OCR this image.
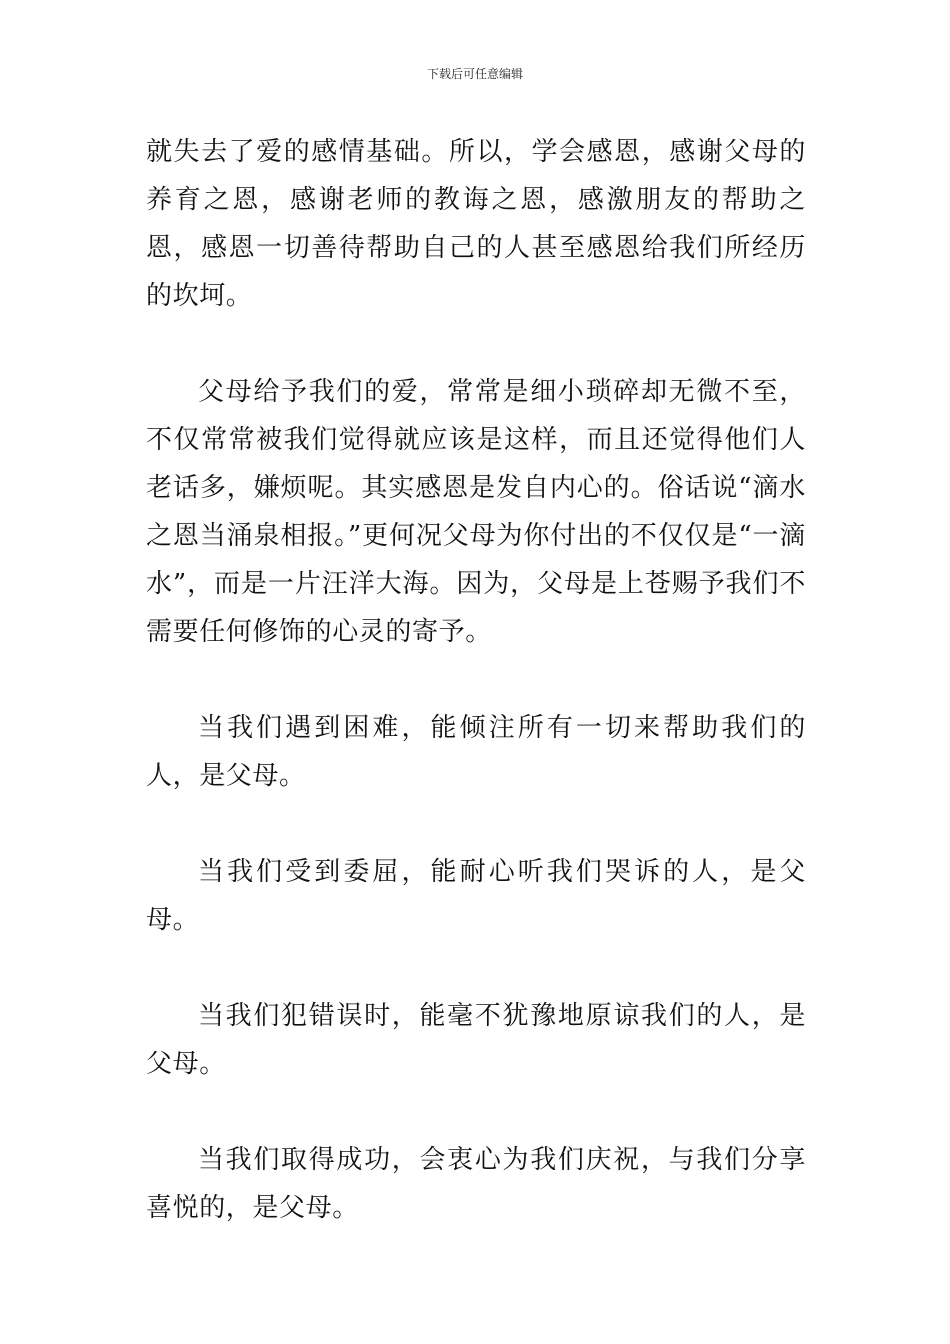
下载后可任意编辑

就失去了爱的感情基础。所以，学会感恩，感谢父母的养育之恩，感谢老师的教诲之恩，感激朋友的帮助之恩，感恩一切善待帮助自己的人甚至感恩给我们所经历的坎坷。

父母给予我们的爱，常常是细小琐碎却无微不至，不仅常常被我们觉得就应该是这样，而且还觉得他们人老话多，嫌烦呢。其实感恩是发自内心的。俗话说“滴水之恩当涌泉相报。”更何况父母为你付出的不仅仅是“一滴水”，而是一片汪洋大海。因为，父母是上苍赐予我们不需要任何修饰的心灵的寄予。

当我们遇到困难，能倾注所有一切来帮助我们的人，是父母。

当我们受到委屈，能耐心听我们哭诉的人，是父母。

当我们犯错误时，能毫不犹豫地原谅我们的人，是父母。

当我们取得成功，会衷心为我们庆祝，与我们分享喜悦的，是父母。
